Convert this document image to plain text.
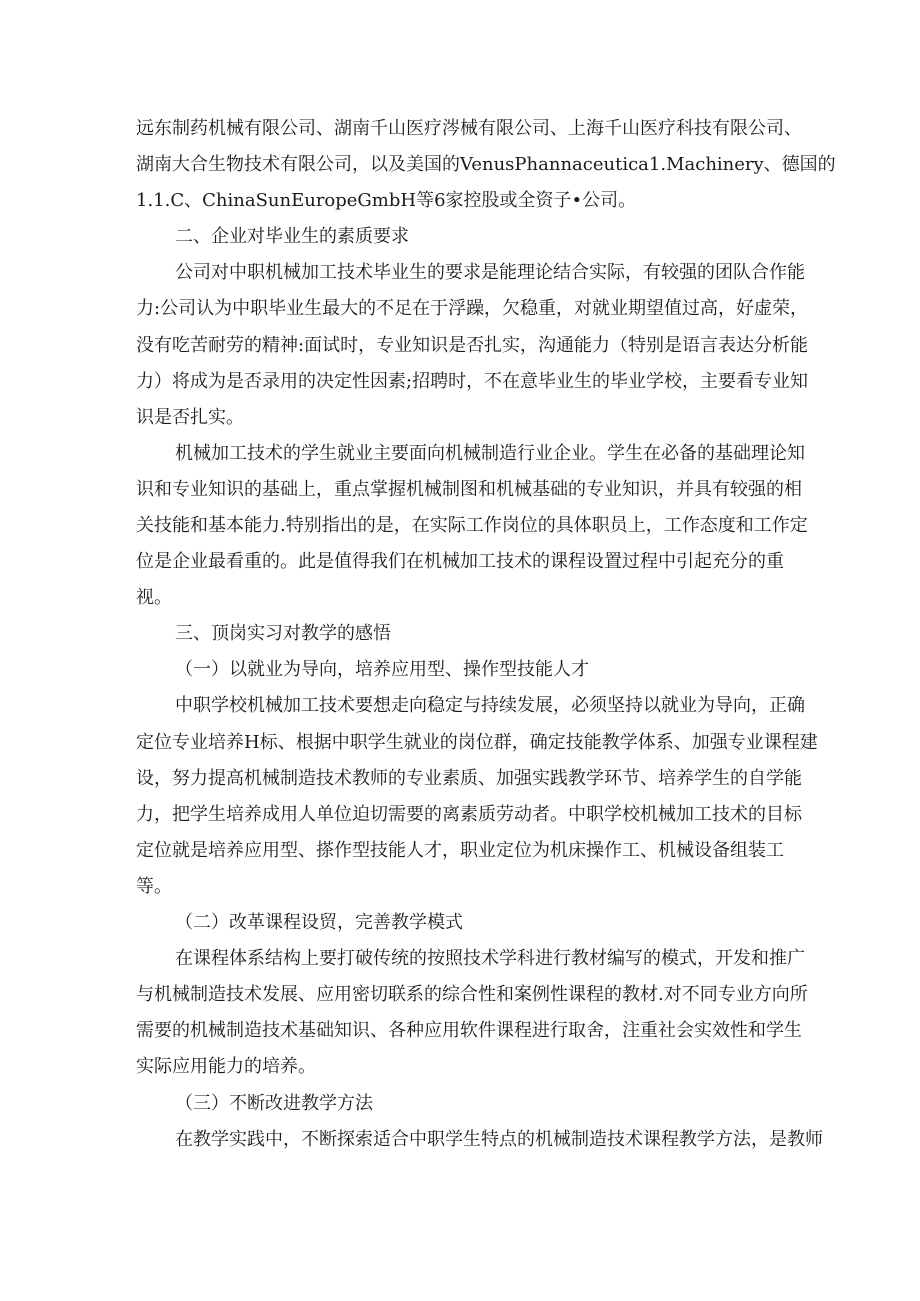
远东制药机械有限公司、湖南千山医疗涔械有限公司、上海千山医疗科技有限公司、
湖南大合生物技术有限公司，以及美国的VenusPhannaceutica1.Machinery、德国的
1.1.C、ChinaSunEuropeGmbH等6家控股或全资子•公司。
二、企业对毕业生的素质要求
公司对中职机械加工技术毕业生的要求是能理论结合实际，有较强的团队合作能
力:公司认为中职毕业生最大的不足在于浮躁，欠稳重，对就业期望值过高，好虚荣，
没有吃苦耐劳的精神:面试时，专业知识是否扎实，沟通能力（特别是语言表达分析能
力）将成为是否录用的决定性因素;招聘时，不在意毕业生的毕业学校，主要看专业知
识是否扎实。
机械加工技术的学生就业主要面向机械制造行业企业。学生在必备的基础理论知
识和专业知识的基础上，重点掌握机械制图和机械基础的专业知识，并具有较强的相
关技能和基本能力.特别指出的是，在实际工作岗位的具体职员上，工作态度和工作定
位是企业最看重的。此是值得我们在机械加工技术的课程设置过程中引起充分的重
视。
三、顶岗实习对教学的感悟
（一）以就业为导向，培养应用型、操作型技能人才
中职学校机械加工技术要想走向稳定与持续发展，必须坚持以就业为导向，正确
定位专业培养H标、根据中职学生就业的岗位群，确定技能教学体系、加强专业课程建
设，努力提高机械制造技术教师的专业素质、加强实践教学环节、培养学生的自学能
力，把学生培养成用人单位迫切需要的离素质劳动者。中职学校机械加工技术的目标
定位就是培养应用型、搽作型技能人才，职业定位为机床操作工、机械设备组装工
等。
（二）改革课程设贸，完善教学模式
在课程体系结构上要打破传统的按照技术学科进行教材编写的模式，开发和推广
与机械制造技术发展、应用密切联系的综合性和案例性课程的教材.对不同专业方向所
需要的机械制造技术基础知识、各种应用软件课程进行取舍，注重社会实效性和学生
实际应用能力的培养。
（三）不断改进教学方法
在教学实践中，不断探索适合中职学生特点的机械制造技术课程教学方法，是教师
